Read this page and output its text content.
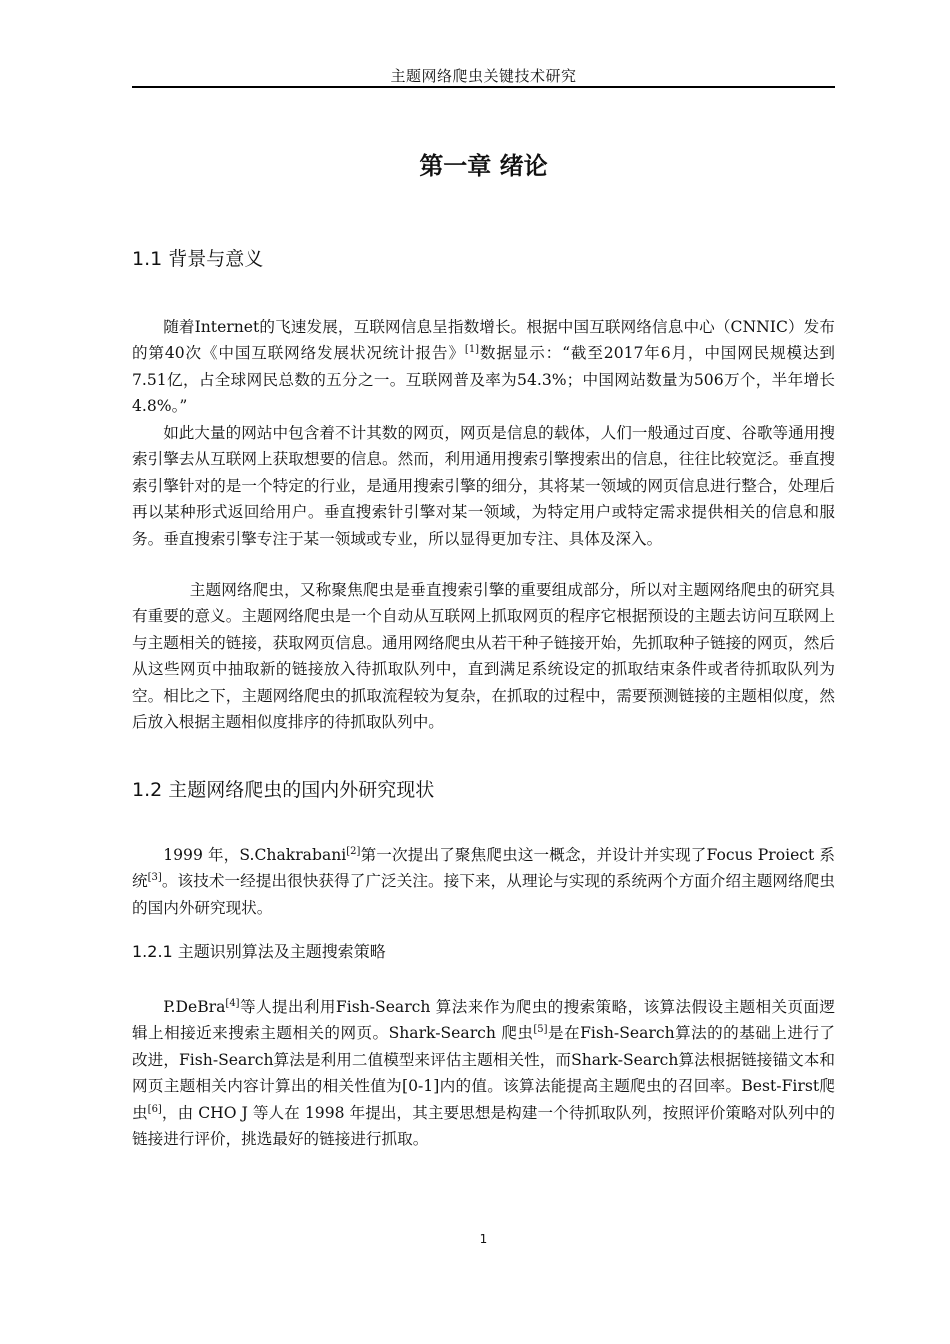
主题网络爬虫关键技术研究
第一章 绪论
1.1 背景与意义

随着Internet的飞速发展，互联网信息呈指数增长。根据中国互联网络信息中心（CNNIC）发布的第40次《中国互联网络发展状况统计报告》[1]数据显示：“截至2017年6月，中国网民规模达到7.51亿，占全球网民总数的五分之一。互联网普及率为54.3%；中国网站数量为506万个，半年增长4.8%。”

如此大量的网站中包含着不计其数的网页，网页是信息的载体，人们一般通过百度、谷歌等通用搜索引擎去从互联网上获取想要的信息。然而，利用通用搜索引擎搜索出的信息，往往比较宽泛。垂直搜索引擎针对的是一个特定的行业，是通用搜索引擎的细分，其将某一领域的网页信息进行整合，处理后再以某种形式返回给用户。垂直搜索针引擎对某一领域，为特定用户或特定需求提供相关的信息和服务。垂直搜索引擎专注于某一领域或专业，所以显得更加专注、具体及深入。

主题网络爬虫，又称聚焦爬虫是垂直搜索引擎的重要组成部分，所以对主题网络爬虫的研究具有重要的意义。主题网络爬虫是一个自动从互联网上抓取网页的程序它根据预设的主题去访问互联网上与主题相关的链接，获取网页信息。通用网络爬虫从若干种子链接开始，先抓取种子链接的网页，然后从这些网页中抽取新的链接放入待抓取队列中，直到满足系统设定的抓取结束条件或者待抓取队列为空。相比之下，主题网络爬虫的抓取流程较为复杂，在抓取的过程中，需要预测链接的主题相似度，然后放入根据主题相似度排序的待抓取队列中。

1.2 主题网络爬虫的国内外研究现状

1999 年，S.Chakrabani[2]第一次提出了聚焦爬虫这一概念，并设计并实现了Focus Proiect 系统[3]。该技术一经提出很快获得了广泛关注。接下来，从理论与实现的系统两个方面介绍主题网络爬虫的国内外研究现状。

1.2.1 主题识别算法及主题搜索策略

P.DeBra[4]等人提出利用Fish-Search 算法来作为爬虫的搜索策略，该算法假设主题相关页面逻辑上相接近来搜索主题相关的网页。Shark-Search 爬虫[5]是在Fish-Search算法的的基础上进行了改进，Fish-Search算法是利用二值模型来评估主题相关性，而Shark-Search算法根据链接锚文本和网页主题相关内容计算出的相关性值为[0-1]内的值。该算法能提高主题爬虫的召回率。Best-First爬虫[6]，由 CHO J 等人在 1998 年提出，其主要思想是构建一个待抓取队列，按照评价策略对队列中的链接进行评价，挑选最好的链接进行抓取。

1
